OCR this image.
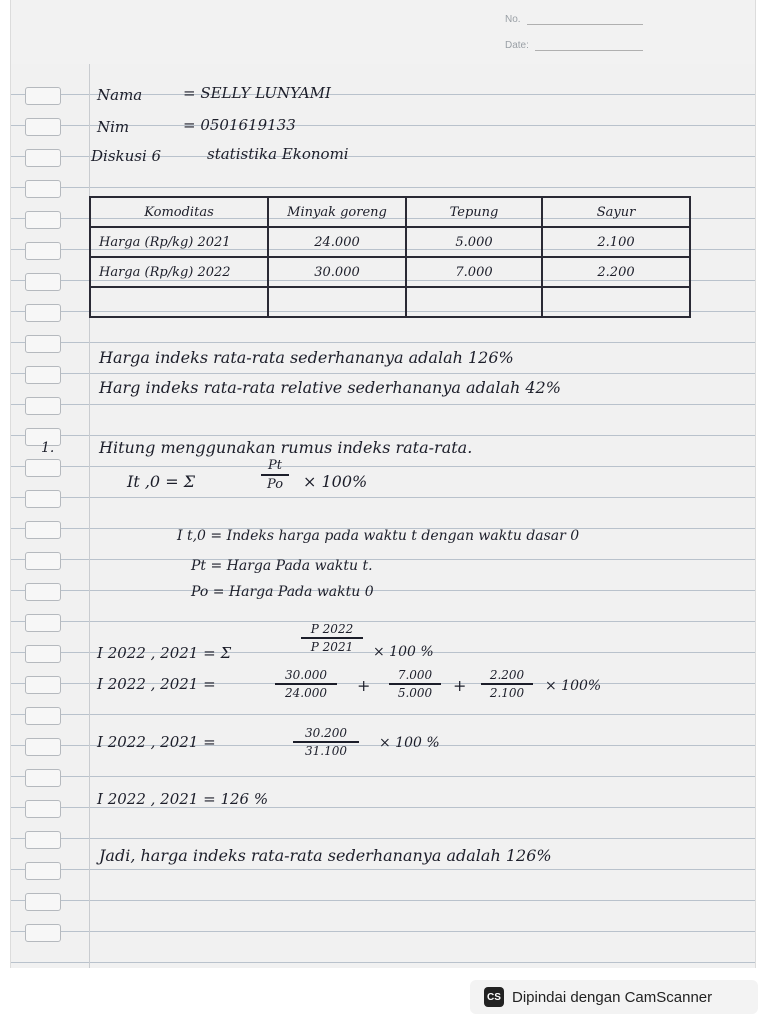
No.
Date:
Nama	= SELLY LUNYAMI
Nim	= 0501619133
Diskusi 6	statistika Ekonomi
Komoditas	Minyak goreng	Tepung	Sayur
Harga (Rp/kg) 2021	24.000	5.000	2.100
Harga (Rp/kg) 2022	30.000	7.000	2.200

Harga indeks rata-rata sederhananya adalah 126%
Harg indeks rata-rata relative sederhananya adalah 42%
1.	Hitung menggunakan rumus indeks rata-rata.
It ,0 = Σ
Pt
Po × 100%
I t,0 = Indeks harga pada waktu t dengan waktu dasar 0
Pt = Harga Pada waktu t.
Po = Harga Pada waktu 0
I 2022 , 2021 = Σ
P 2022
P 2021 × 100 %
I 2022 , 2021 =	30.000
24.000 +
7.000
5.000 +
2.200
2.100 × 100%
I 2022 , 2021 =	30.200
31.100 × 100 %
I 2022 , 2021 = 126 %
Jadi, harga indeks rata-rata sederhananya adalah 126%
CS Dipindai dengan CamScanner
